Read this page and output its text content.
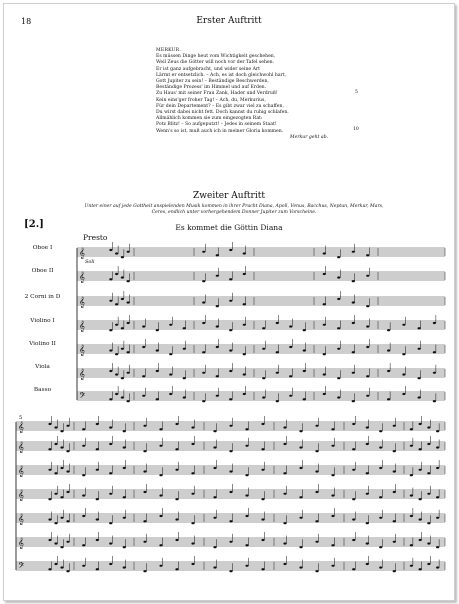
18	Erster Auftritt
MERKUR.
Es müssen Dinge heut vom Wichtigkeit geschehen,
Weil Zeus die Götter will noch vor der Tafel sehen.
Er ist ganz aufgebracht, und wider seine Art
Lärmt er entsetzlich. – Ach, es ist doch gleichwohl hart,
Gott Jupiter zu sein! – Beständige Beschwerden,
Beständige Prozess' im Himmel und auf Erden.
Zu Haus' mit seiner Frau Zank, Hader und Verdruß!
Kein eins'ger froher Tag! – Ach, du, Merkurius,
Für dein Departement? – Es gibt zwar viel zu schaffen,
Du wirst dabei nicht fett. Doch kannst du ruhig schlafen.
Allmählich kommen sie zum eingezogten Rat:
Potz Blitz! – So aufgeputzt! – Jedes in seinem Staat!
Wenn's so ist, muß auch ich in meiner Gloria kommen.
Merkur geht ab.
5
10
Zweiter Auftritt
Unter einer auf jede Gottheit anspielenden Musik kommen in ihrer Pracht Diana, Apoll, Venus, Bacchus, Neptun, Merkur, Mars, Ceres, endlich unter vorhergehendem Donner Jupiter zum Vorscheine.
[2.]	Es kommet die Göttin Diana
Presto
Oboe I
Oboe II
2 Corni in D
Violino I
Violino II
Viola
Basso
𝄞
𝄞
𝄞
𝄞
𝄞
𝄞
𝄢
𝄞
𝄞
𝄞
𝄞
𝄞
𝄞
𝄢
Soli
5
